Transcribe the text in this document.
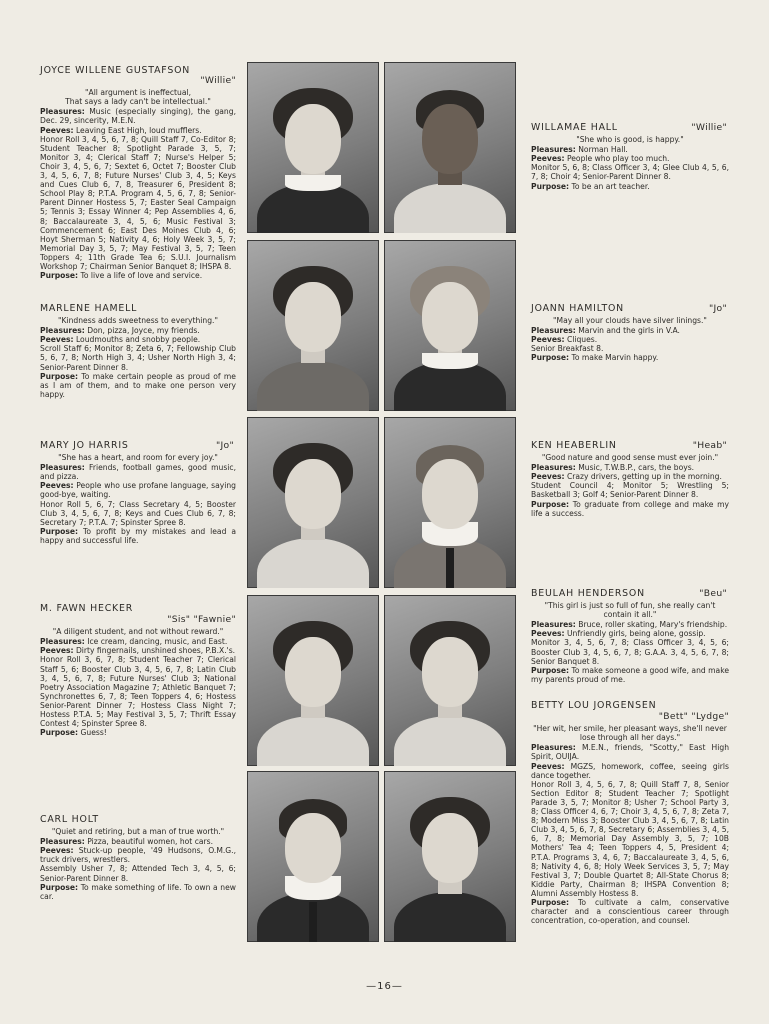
JOYCE WILLENE GUSTAFSON
"Willie"

"All argument is ineffectual,
That says a lady can't be intellectual."

Pleasures: Music (especially singing), the gang, Dec. 29, sincerity, M.E.N.

Peeves: Leaving East High, loud mufflers.

Honor Roll 3, 4, 5, 6, 7, 8; Quill Staff 7, Co-Editor 8; Student Teacher 8; Spotlight Parade 3, 5, 7; Monitor 3, 4; Clerical Staff 7; Nurse's Helper 5; Choir 3, 4, 5, 6, 7; Sextet 6, Octet 7; Booster Club 3, 4, 5, 6, 7, 8; Future Nurses' Club 3, 4, 5; Keys and Cues Club 6, 7, 8, Treasurer 6, President 8; School Play 8; P.T.A. Program 4, 5, 6, 7, 8; Senior-Parent Dinner Hostess 5, 7; Easter Seal Campaign 5; Tennis 3; Essay Winner 4; Pep Assemblies 4, 6, 8; Baccalaureate 3, 4, 5, 6; Music Festival 3; Commencement 6; East Des Moines Club 4, 6; Hoyt Sherman 5; Nativity 4, 6; Holy Week 3, 5, 7; Memorial Day 3, 5, 7; May Festival 3, 5, 7; Teen Toppers 4; 11th Grade Tea 6; S.U.I. Journalism Workshop 7; Chairman Senior Banquet 8; IHSPA 8.

Purpose: To live a life of love and service.

WILLAMAE HALL	"Willie"

"She who is good, is happy."

Pleasures: Norman Hall.

Peeves: People who play too much.

Monitor 5, 6, 8; Class Officer 3, 4; Glee Club 4, 5, 6, 7, 8; Choir 4; Senior-Parent Dinner 8.

Purpose: To be an art teacher.

MARLENE HAMELL

"Kindness adds sweetness to everything."

Pleasures: Don, pizza, Joyce, my friends.

Peeves: Loudmouths and snobby people.

Scroll Staff 6; Monitor 8; Zeta 6, 7; Fellowship Club 5, 6, 7, 8; North High 3, 4; Usher North High 3, 4; Senior-Parent Dinner 8.

Purpose: To make certain people as proud of me as I am of them, and to make one person very happy.

JOANN HAMILTON	"Jo"

"May all your clouds have silver linings."

Pleasures: Marvin and the girls in V.A.

Peeves: Cliques.

Senior Breakfast 8.

Purpose: To make Marvin happy.

MARY JO HARRIS	"Jo"

"She has a heart, and room for every joy."

Pleasures: Friends, football games, good music, and pizza.

Peeves: People who use profane language, saying good-bye, waiting.

Honor Roll 5, 6, 7; Class Secretary 4, 5; Booster Club 3, 4, 5, 6, 7, 8; Keys and Cues Club 6, 7, 8; Secretary 7; P.T.A. 7; Spinster Spree 8.

Purpose: To profit by my mistakes and lead a happy and successful life.

KEN HEABERLIN	"Heab"

"Good nature and good sense must ever join."

Pleasures: Music, T.W.B.P., cars, the boys.

Peeves: Crazy drivers, getting up in the morning.

Student Council 4; Monitor 5; Wrestling 5; Basketball 3; Golf 4; Senior-Parent Dinner 8.

Purpose: To graduate from college and make my life a success.

M. FAWN HECKER
"Sis" "Fawnie"

"A diligent student, and not without reward."

Pleasures: Ice cream, dancing, music, and East.

Peeves: Dirty fingernails, unshined shoes, P.B.X.'s.

Honor Roll 3, 6, 7, 8; Student Teacher 7; Clerical Staff 5, 6; Booster Club 3, 4, 5, 6, 7, 8; Latin Club 3, 4, 5, 6, 7, 8; Future Nurses' Club 3; National Poetry Association Magazine 7; Athletic Banquet 7; Synchronettes 6, 7, 8; Teen Toppers 4, 6; Hostess Senior-Parent Dinner 7; Hostess Class Night 7; Hostess P.T.A. 5; May Festival 3, 5, 7; Thrift Essay Contest 4; Spinster Spree 8.

Purpose: Guess!

BEULAH HENDERSON	"Beu"

"This girl is just so full of fun, she really can't contain it all."

Pleasures: Bruce, roller skating, Mary's friendship.

Peeves: Unfriendly girls, being alone, gossip.

Monitor 3, 4, 5, 6, 7, 8; Class Officer 3, 4, 5, 6; Booster Club 3, 4, 5, 6, 7, 8; G.A.A. 3, 4, 5, 6, 7, 8; Senior Banquet 8.

Purpose: To make someone a good wife, and make my parents proud of me.

BETTY LOU JORGENSEN
"Bett" "Lydge"

"Her wit, her smile, her pleasant ways, she'll never lose through all her days."

Pleasures: M.E.N., friends, "Scotty," East High Spirit, OUIJA.

Peeves: MGZS, homework, coffee, seeing girls dance together.

Honor Roll 3, 4, 5, 6, 7, 8; Quill Staff 7, 8, Senior Section Editor 8; Student Teacher 7; Spotlight Parade 3, 5, 7; Monitor 8; Usher 7; School Party 3, 8; Class Officer 4, 6, 7; Choir 3, 4, 5, 6, 7, 8; Zeta 7, 8; Modern Miss 3; Booster Club 3, 4, 5, 6, 7, 8; Latin Club 3, 4, 5, 6, 7, 8, Secretary 6; Assemblies 3, 4, 5, 6, 7, 8; Memorial Day Assembly 3, 5, 7; 10B Mothers' Tea 4; Teen Toppers 4, 5, President 4; P.T.A. Programs 3, 4, 6, 7; Baccalaureate 3, 4, 5, 6, 8; Nativity 4, 6, 8; Holy Week Services 3, 5, 7; May Festival 3, 7; Double Quartet 8; All-State Chorus 8; Kiddie Party, Chairman 8; IHSPA Convention 8; Alumni Assembly Hostess 8.

Purpose: To cultivate a calm, conservative character and a conscientious career through concentration, co-operation, and counsel.

CARL HOLT

"Quiet and retiring, but a man of true worth."

Pleasures: Pizza, beautiful women, hot cars.

Peeves: Stuck-up people, '49 Hudsons, O.M.G., truck drivers, wrestlers.

Assembly Usher 7, 8; Attended Tech 3, 4, 5, 6; Senior-Parent Dinner 8.

Purpose: To make something of life. To own a new car.

—16—
